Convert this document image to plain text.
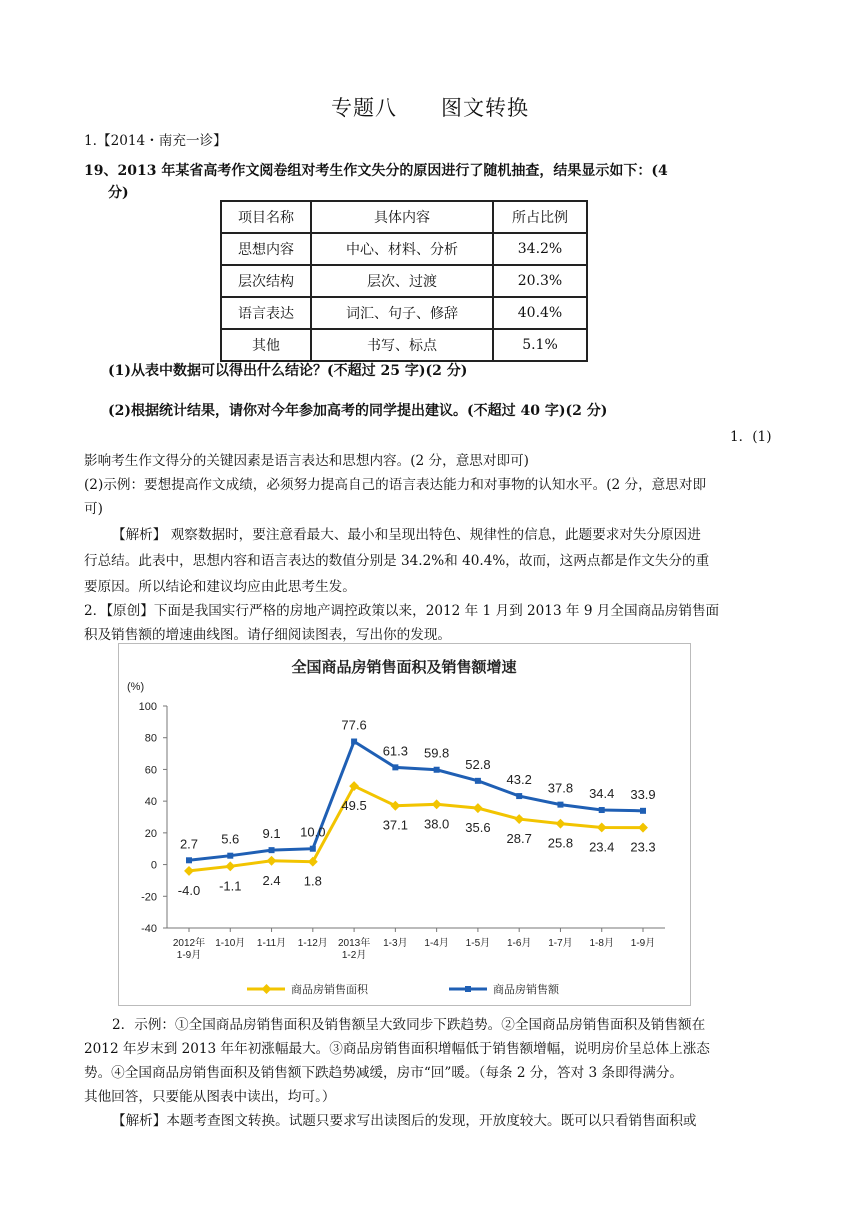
专题八　　图文转换
1.【2014・南充一诊】
19、2013 年某省高考作文阅卷组对考生作文失分的原因进行了随机抽查，结果显示如下：(4
分)
项目名称	具体内容	所占比例
思想内容	中心、材料、分析	34.2%
层次结构	层次、过渡	20.3%
语言表达	词汇、句子、修辞	40.4%
其他	书写、标点	5.1%
(1)从表中数据可以得出什么结论？(不超过 25 字)(2 分)
(2)根据统计结果，请你对今年参加高考的同学提出建议。(不超过 40 字)(2 分)
1．(1)
影响考生作文得分的关键因素是语言表达和思想内容。(2 分，意思对即可)
(2)示例：要想提高作文成绩，必须努力提高自己的语言表达能力和对事物的认知水平。(2 分，意思对即
可)
【解析】 观察数据时，要注意看最大、最小和呈现出特色、规律性的信息，此题要求对失分原因进
行总结。此表中，思想内容和语言表达的数值分别是 34.2%和 40.4%，故而，这两点都是作文失分的重
要原因。所以结论和建议均应由此思考生发。
2．【原创】下面是我国实行严格的房地产调控政策以来，2012 年 1 月到 2013 年 9 月全国商品房销售面
积及销售额的增速曲线图。请仔细阅读图表，写出你的发现。
全国商品房销售面积及销售额增速
(%)
100
80
60
40
20
0
-20
-40
2012年
1-9月
1-10月 1-11月 1-12月 2013年
1-2月
1-3月 1-4月 1-5月 1-6月 1-7月 1-8月 1-9月
-4.0 -1.1 2.4 1.8
49.5
37.1 38.0 35.6
28.7 25.8 23.4 23.3
2.7 5.6 9.1 10.0
77.6
61.3 59.8
52.8
43.2
37.8 34.4 33.9
商品房销售面积	商品房销售额
2．示例：①全国商品房销售面积及销售额呈大致同步下跌趋势。②全国商品房销售面积及销售额在
2012 年岁末到 2013 年年初涨幅最大。③商品房销售面积增幅低于销售额增幅，说明房价呈总体上涨态
势。④全国商品房销售面积及销售额下跌趋势减缓，房市“回”暖。（每条 2 分，答对 3 条即得满分。
其他回答，只要能从图表中读出，均可。）
【解析】本题考查图文转换。试题只要求写出读图后的发现，开放度较大。既可以只看销售面积或
